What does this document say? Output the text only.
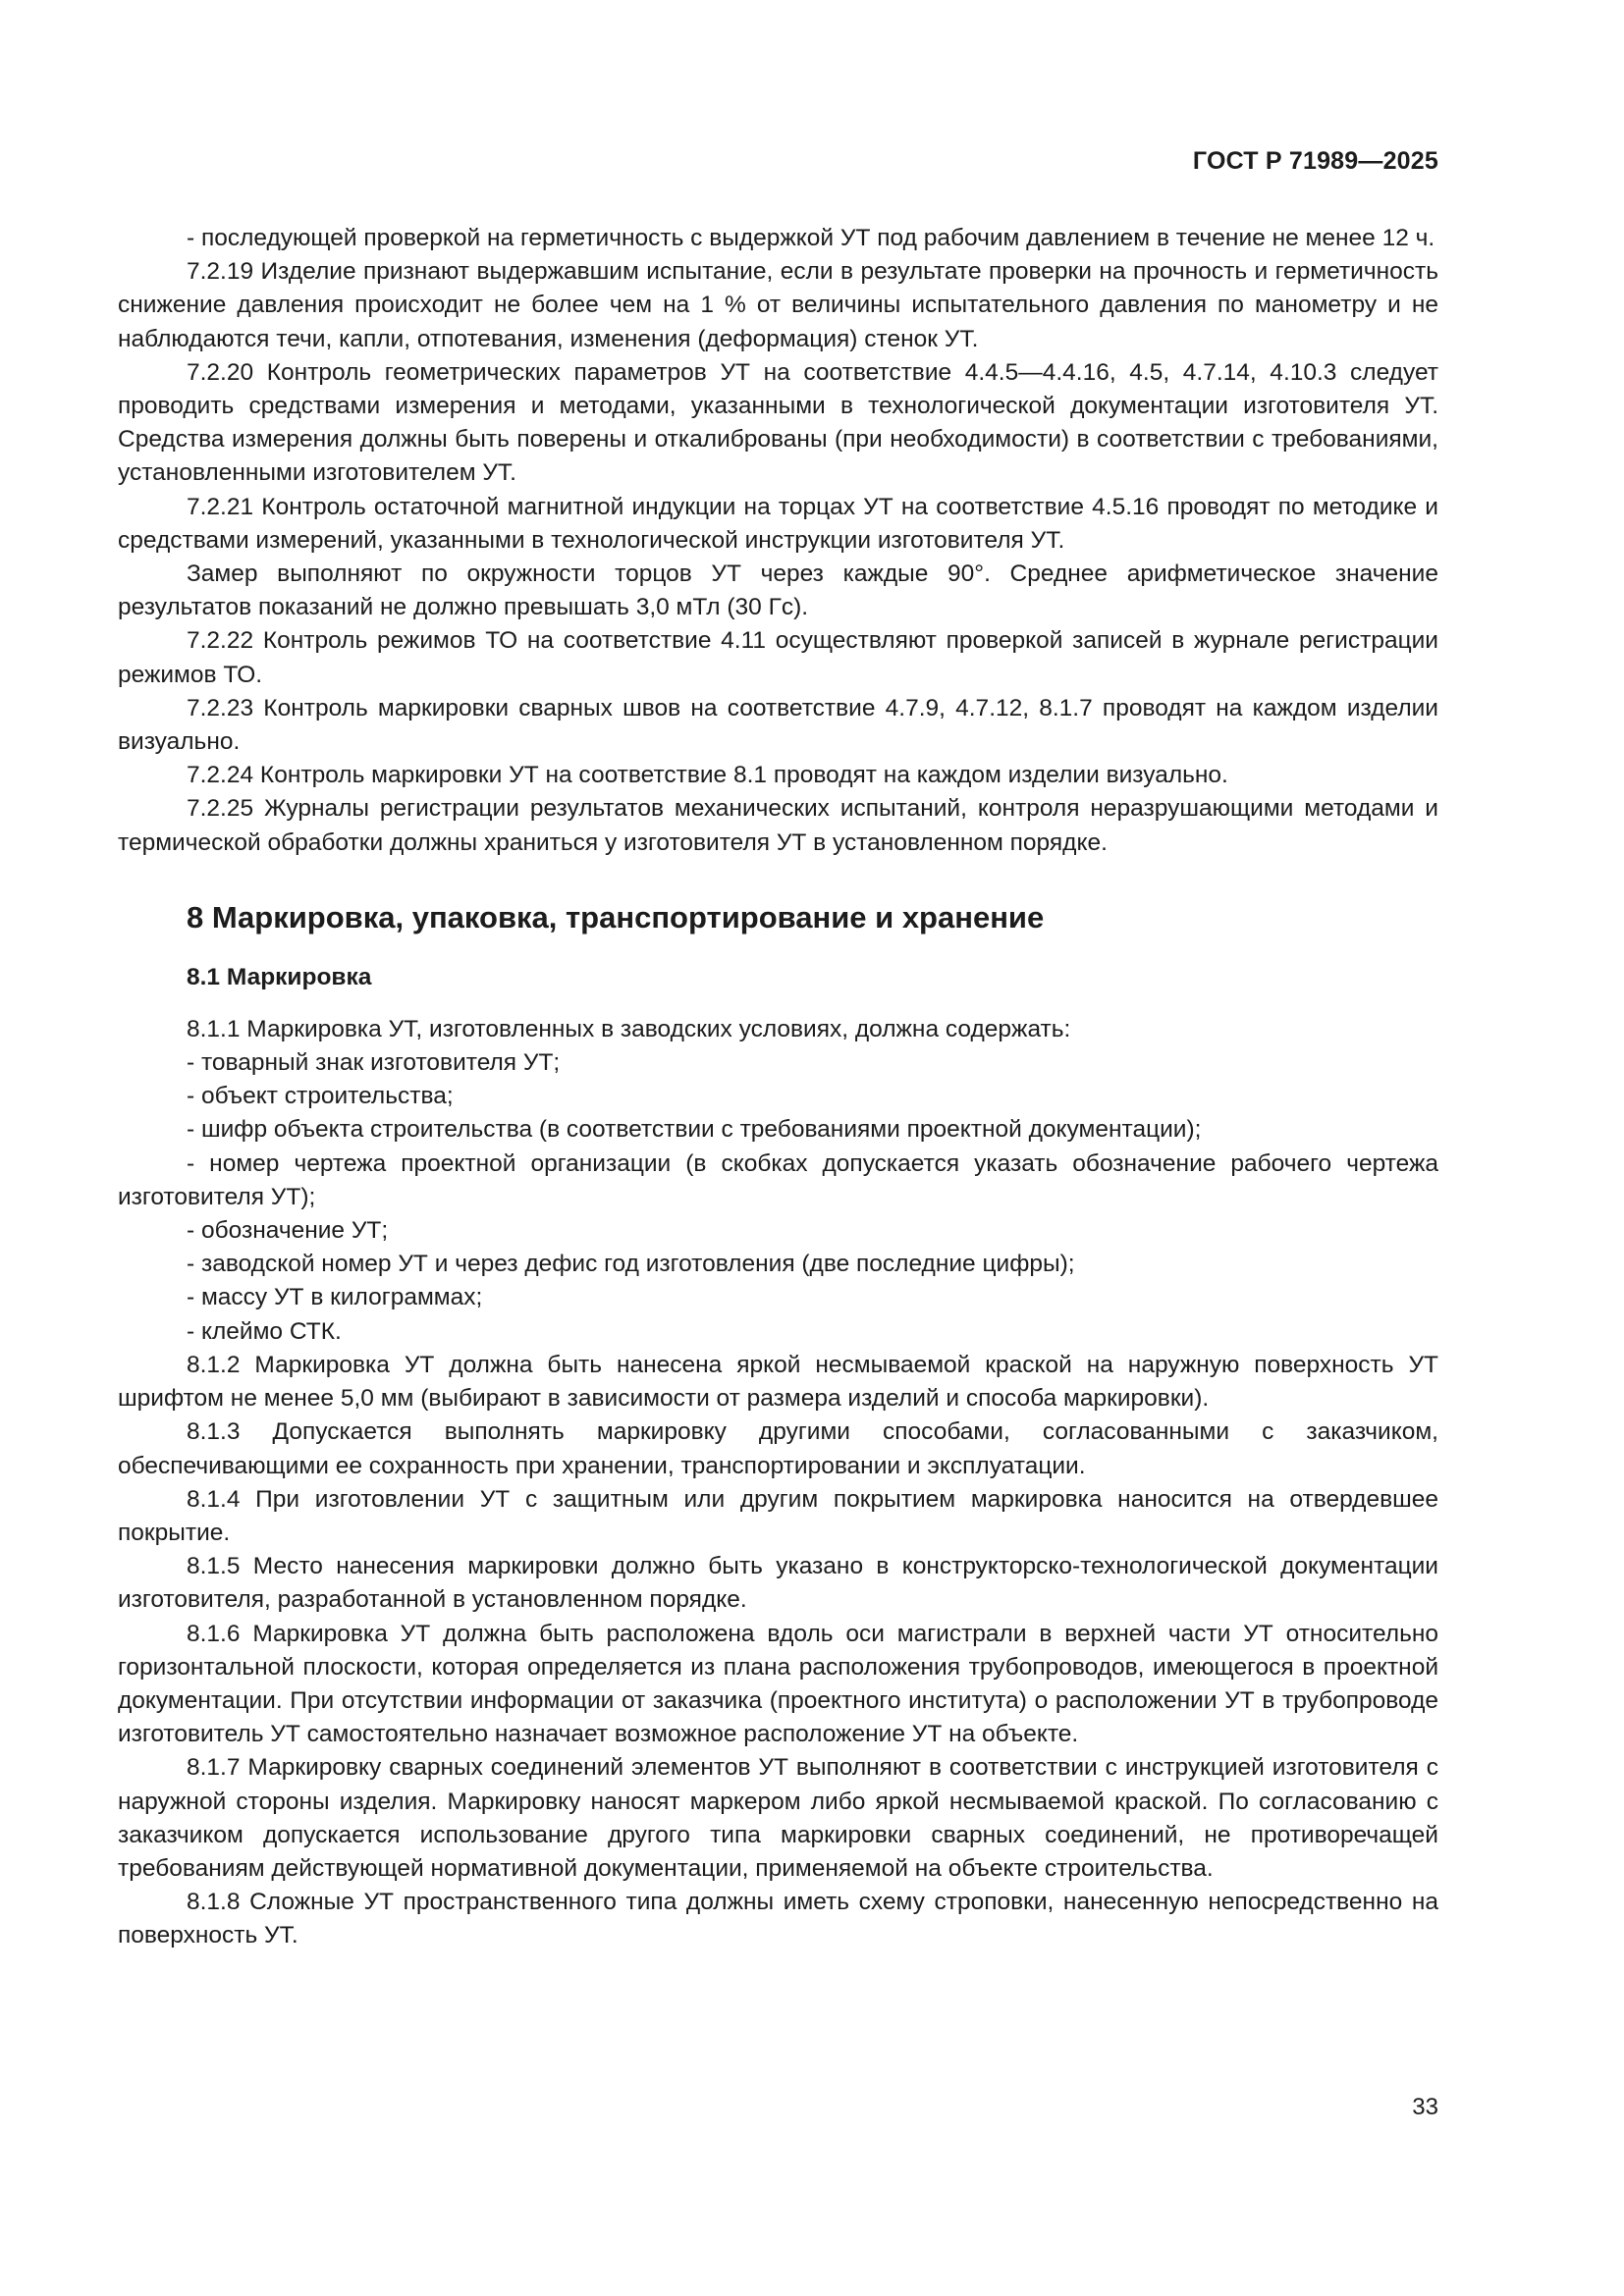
ГОСТ Р 71989—2025

- последующей проверкой на герметичность с выдержкой УТ под рабочим давлением в течение не менее 12 ч.

7.2.19 Изделие признают выдержавшим испытание, если в результате проверки на прочность и герметичность снижение давления происходит не более чем на 1 % от величины испытательного давления по манометру и не наблюдаются течи, капли, отпотевания, изменения (деформация) стенок УТ.

7.2.20 Контроль геометрических параметров УТ на соответствие 4.4.5—4.4.16, 4.5, 4.7.14, 4.10.3 следует проводить средствами измерения и методами, указанными в технологической документации изготовителя УТ. Средства измерения должны быть поверены и откалиброваны (при необходимости) в соответствии с требованиями, установленными изготовителем УТ.

7.2.21 Контроль остаточной магнитной индукции на торцах УТ на соответствие 4.5.16 проводят по методике и средствами измерений, указанными в технологической инструкции изготовителя УТ.

Замер выполняют по окружности торцов УТ через каждые 90°. Среднее арифметическое значение результатов показаний не должно превышать 3,0 мТл (30 Гс).

7.2.22 Контроль режимов ТО на соответствие 4.11 осуществляют проверкой записей в журнале регистрации режимов ТО.

7.2.23 Контроль маркировки сварных швов на соответствие 4.7.9, 4.7.12, 8.1.7 проводят на каждом изделии визуально.

7.2.24 Контроль маркировки УТ на соответствие 8.1 проводят на каждом изделии визуально.

7.2.25 Журналы регистрации результатов механических испытаний, контроля неразрушающими методами и термической обработки должны храниться у изготовителя УТ в установленном порядке.

8 Маркировка, упаковка, транспортирование и хранение
8.1 Маркировка

8.1.1 Маркировка УТ, изготовленных в заводских условиях, должна содержать:

- товарный знак изготовителя УТ;

- объект строительства;

- шифр объекта строительства (в соответствии с требованиями проектной документации);

- номер чертежа проектной организации (в скобках допускается указать обозначение рабочего чертежа изготовителя УТ);

- обозначение УТ;

- заводской номер УТ и через дефис год изготовления (две последние цифры);

- массу УТ в килограммах;

- клеймо СТК.

8.1.2 Маркировка УТ должна быть нанесена яркой несмываемой краской на наружную поверхность УТ шрифтом не менее 5,0 мм (выбирают в зависимости от размера изделий и способа маркировки).

8.1.3 Допускается выполнять маркировку другими способами, согласованными с заказчиком, обеспечивающими ее сохранность при хранении, транспортировании и эксплуатации.

8.1.4 При изготовлении УТ с защитным или другим покрытием маркировка наносится на отвердевшее покрытие.

8.1.5 Место нанесения маркировки должно быть указано в конструкторско-технологической документации изготовителя, разработанной в установленном порядке.

8.1.6 Маркировка УТ должна быть расположена вдоль оси магистрали в верхней части УТ относительно горизонтальной плоскости, которая определяется из плана расположения трубопроводов, имеющегося в проектной документации. При отсутствии информации от заказчика (проектного института) о расположении УТ в трубопроводе изготовитель УТ самостоятельно назначает возможное расположение УТ на объекте.

8.1.7 Маркировку сварных соединений элементов УТ выполняют в соответствии с инструкцией изготовителя с наружной стороны изделия. Маркировку наносят маркером либо яркой несмываемой краской. По согласованию с заказчиком допускается использование другого типа маркировки сварных соединений, не противоречащей требованиям действующей нормативной документации, применяемой на объекте строительства.

8.1.8 Сложные УТ пространственного типа должны иметь схему строповки, нанесенную непосредственно на поверхность УТ.

33
